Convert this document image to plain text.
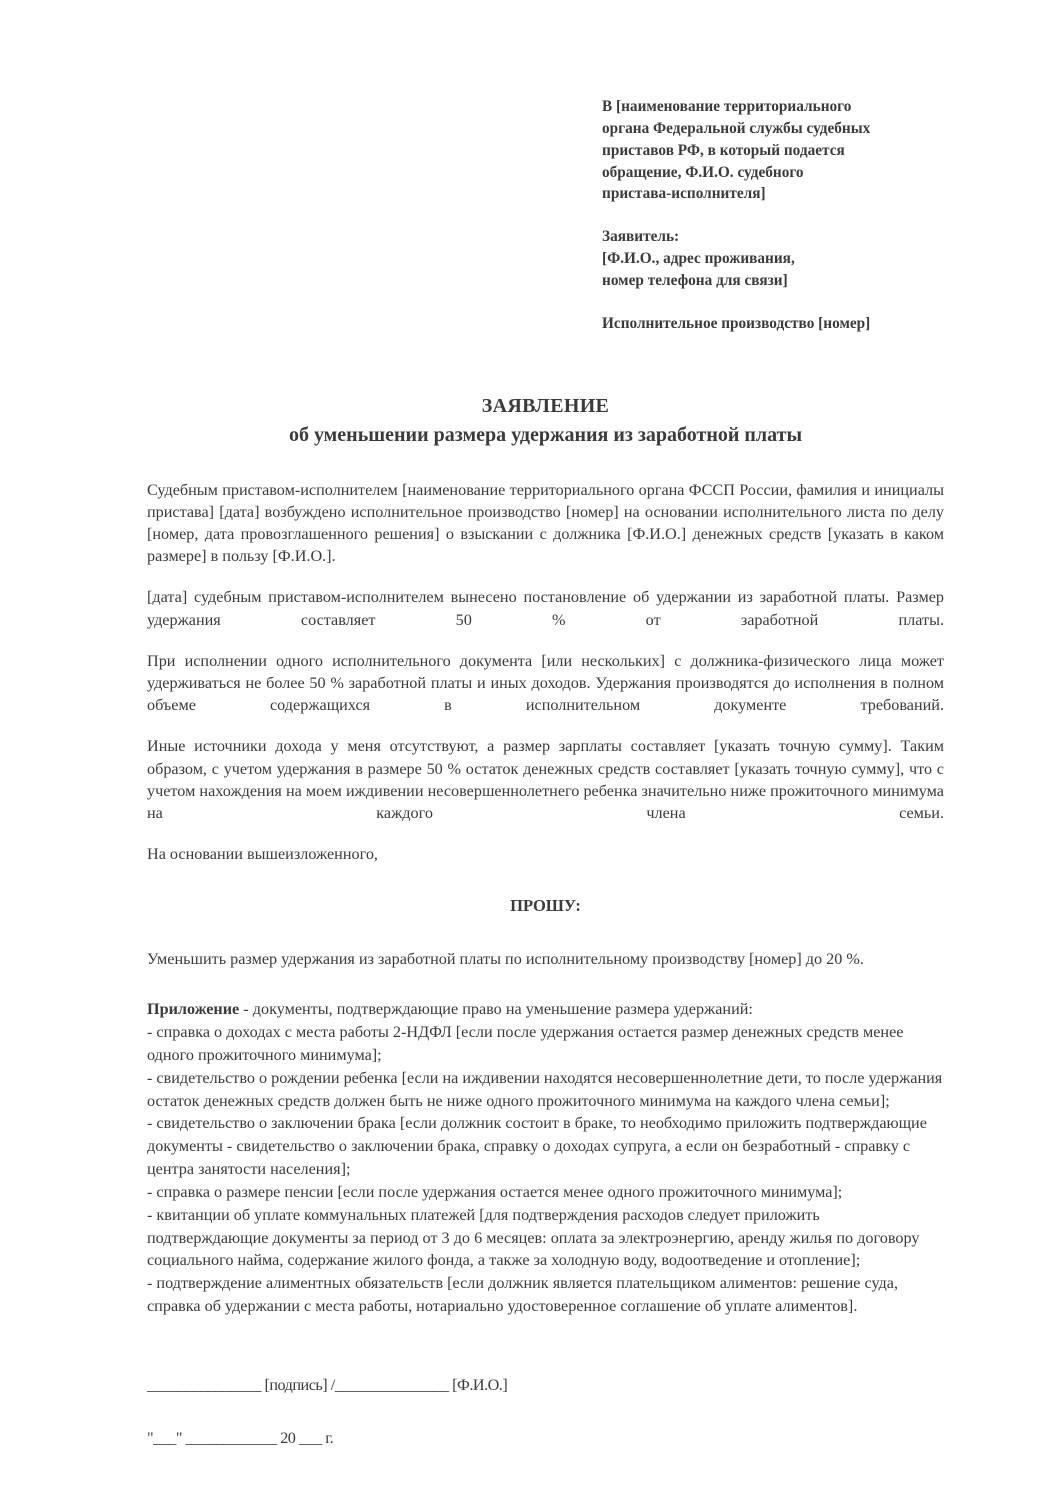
В [наименование территориального

органа Федеральной службы судебных

приставов РФ, в который подается

обращение, Ф.И.О. судебного

пристава-исполнителя]

Заявитель:

[Ф.И.О., адрес проживания,

номер телефона для связи]

Исполнительное производство [номер]

ЗАЯВЛЕНИЕ
об уменьшении размера удержания из заработной платы

Судебным приставом-исполнителем [наименование территориального органа ФССП России, фамилия и инициалы пристава] [дата] возбуждено исполнительное производство [номер] на основании исполнительного листа по делу [номер, дата провозглашенного решения] о взыскании с должника [Ф.И.О.] денежных средств [указать в каком размере] в пользу [Ф.И.О.].

[дата] судебным приставом-исполнителем вынесено постановление об удержании из заработной платы. Размер удержания составляет 50 % от заработной платы.

При исполнении одного исполнительного документа [или нескольких] с должника-физического лица может удерживаться не более 50 % заработной платы и иных доходов. Удержания производятся до исполнения в полном объеме содержащихся в исполнительном документе требований.

Иные источники дохода у меня отсутствуют, а размер зарплаты составляет [указать точную сумму]. Таким образом, с учетом удержания в размере 50 % остаток денежных средств составляет [указать точную сумму], что с учетом нахождения на моем иждивении несовершеннолетнего ребенка значительно ниже прожиточного минимума на каждого члена семьи.

На основании вышеизложенного,

ПРОШУ:
Уменьшить размер удержания из заработной платы по исполнительному производству [номер] до 20 %.

Приложение - документы, подтверждающие право на уменьшение размера удержаний:

- справка о доходах с места работы 2-НДФЛ [если после удержания остается размер денежных средств менее одного прожиточного минимума];

- свидетельство о рождении ребенка [если на иждивении находятся несовершеннолетние дети, то после удержания остаток денежных средств должен быть не ниже одного прожиточного минимума на каждого члена семьи];

- свидетельство о заключении брака [если должник состоит в браке, то необходимо приложить подтверждающие документы - свидетельство о заключении брака, справку о доходах супруга, а если он безработный - справку с центра занятости населения];

- справка о размере пенсии [если после удержания остается менее одного прожиточного минимума];

- квитанции об уплате коммунальных платежей [для подтверждения расходов следует приложить подтверждающие документы за период от 3 до 6 месяцев: оплата за электроэнергию, аренду жилья по договору социального найма, содержание жилого фонда, а также за холодную воду, водоотведение и отопление];

- подтверждение алиментных обязательств [если должник является плательщиком алиментов: решение суда, справка об удержании с места работы, нотариально удостоверенное соглашение об уплате алиментов].

_______________ [подпись] /_______________ [Ф.И.О.]
"___" ____________ 20 ___ г.
